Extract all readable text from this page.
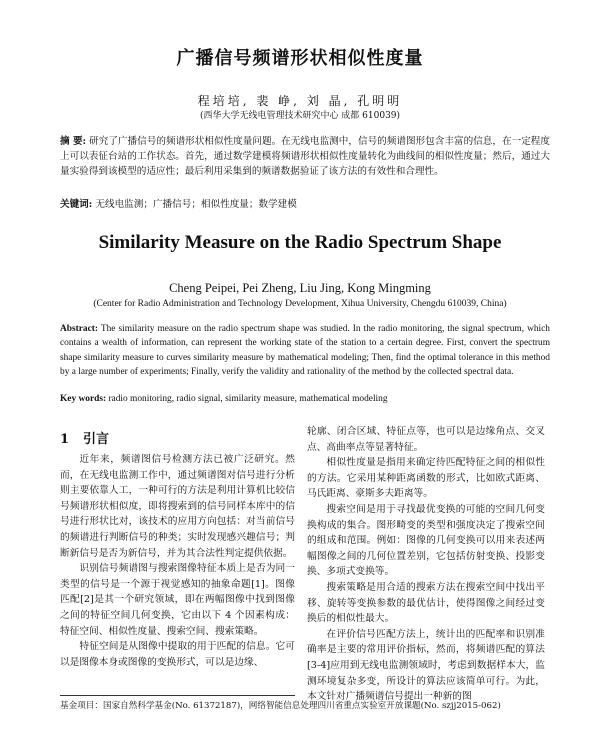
广播信号频谱形状相似性度量
程培培, 裴 峥, 刘 晶, 孔明明
(西华大学无线电管理技术研究中心 成都 610039)
摘 要: 研究了广播信号的频谱形状相似性度量问题。在无线电监测中，信号的频谱图形包含丰富的信息，在一定程度上可以表征台站的工作状态。首先，通过数学建模将频谱形状相似性度量转化为曲线间的相似性度量；然后，通过大量实验得到该模型的适应性；最后利用采集到的频谱数据验证了该方法的有效性和合理性。
关键词: 无线电监测；广播信号；相似性度量；数学建模
Similarity Measure on the Radio Spectrum Shape
Cheng Peipei, Pei Zheng, Liu Jing, Kong Mingming
(Center for Radio Administration and Technology Development, Xihua University, Chengdu 610039, China)
Abstract: The similarity measure on the radio spectrum shape was studied. In the radio monitoring, the signal spectrum, which contains a wealth of information, can represent the working state of the station to a certain degree. First, convert the spectrum shape similarity measure to curves similarity measure by mathematical modeling; Then, find the optimal tolerance in this method by a large number of experiments; Finally, verify the validity and rationality of the method by the collected spectral data.
Key words: radio monitoring, radio signal, similarity measure, mathematical modeling
1 引言

近年来，频谱图信号检测方法已被广泛研究。然而，在无线电监测工作中，通过频谱图对信号进行分析则主要依靠人工，一种可行的方法是利用计算机比较信号频谱形状相似度，即将搜索到的信号同样本库中的信号进行形状比对，该技术的应用方向包括：对当前信号的频谱进行判断信号的种类；实时发现感兴趣信号；判断新信号是否为新信号，并为其合法性判定提供依据。

识别信号频谱图与搜索图像特征本质上是否为同一类型的信号是一个源于视觉感知的抽象命题[1]。图像匹配[2]是其一个研究领域，即在两幅图像中找到图像之间的特征空间几何变换，它由以下 4 个因素构成：特征空间、相似性度量、搜索空间、搜索策略。

特征空间是从图像中提取的用于匹配的信息。它可以是图像本身或图像的变换形式，可以是边缘、

轮廓、闭合区域、特征点等，也可以是边缘角点、交叉点、高曲率点等显著特征。

相似性度量是指用来确定待匹配特征之间的相似性的方法。它采用某种距离函数的形式，比如欧式距离、马氏距离、豪斯多夫距离等。

搜索空间是用于寻找最优变换的可能的空间几何变换构成的集合。图形畸变的类型和强度决定了搜索空间的组成和范围。例如：图像的几何变换可以用来表述两幅图像之间的几何位置差别，它包括仿射变换、投影变换、多项式变换等。

搜索策略是用合适的搜索方法在搜索空间中找出平移、旋转等变换参数的最优估计，使得图像之间经过变换后的相似性最大。

在评价信号匹配方法上，统计出的匹配率和识别准确率是主要的常用评价指标，然而，将频谱匹配的算法[3-4]应用到无线电监测领域时，考虑到数据样本大，监测环境复杂多变，所设计的算法应该简单可行。为此，本文针对广播频谱信号提出一种新的图

基金项目：国家自然科学基金(No. 61372187)，网络智能信息处理四川省重点实验室开放课题(No. szjj2015-062)
